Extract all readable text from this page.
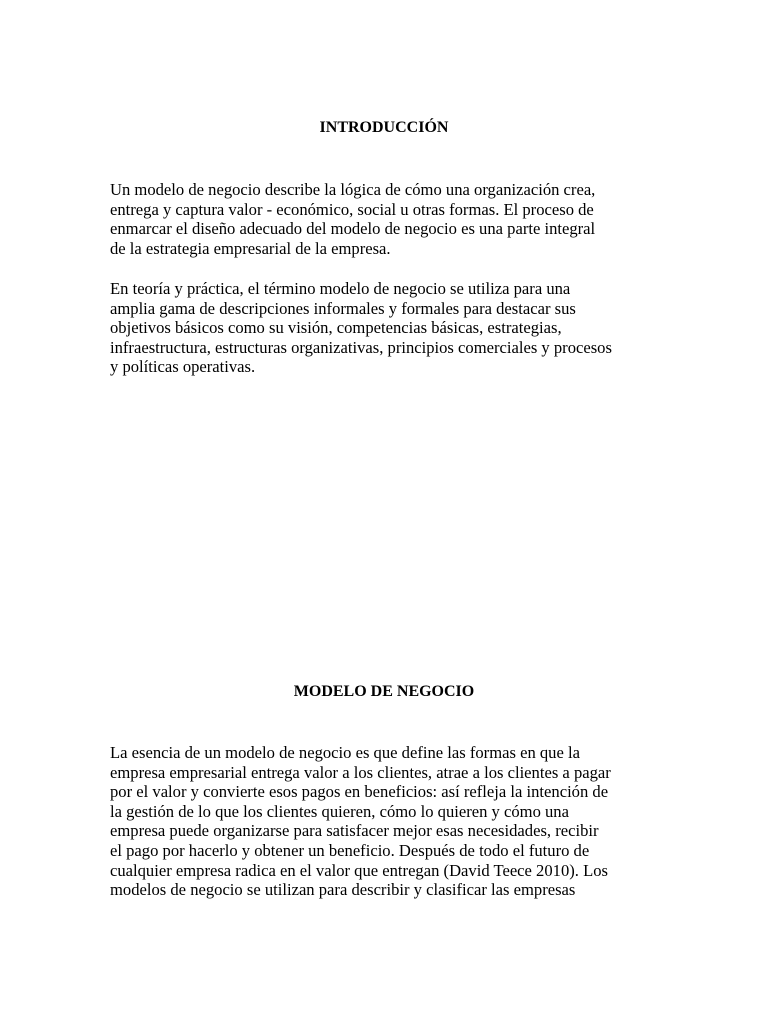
INTRODUCCIÓN

Un modelo de negocio describe la lógica de cómo una organización crea,
entrega y captura valor - económico, social u otras formas. El proceso de
enmarcar el diseño adecuado del modelo de negocio es una parte integral
de la estrategia empresarial de la empresa.

En teoría y práctica, el término modelo de negocio se utiliza para una
amplia gama de descripciones informales y formales para destacar sus
objetivos básicos como su visión, competencias básicas, estrategias,
infraestructura, estructuras organizativas, principios comerciales y procesos
y políticas operativas.

MODELO DE NEGOCIO

La esencia de un modelo de negocio es que define las formas en que la
empresa empresarial entrega valor a los clientes, atrae a los clientes a pagar
por el valor y convierte esos pagos en beneficios: así refleja la intención de
la gestión de lo que los clientes quieren, cómo lo quieren y cómo una
empresa puede organizarse para satisfacer mejor esas necesidades, recibir
el pago por hacerlo y obtener un beneficio. Después de todo el futuro de
cualquier empresa radica en el valor que entregan (David Teece 2010). Los
modelos de negocio se utilizan para describir y clasificar las empresas
